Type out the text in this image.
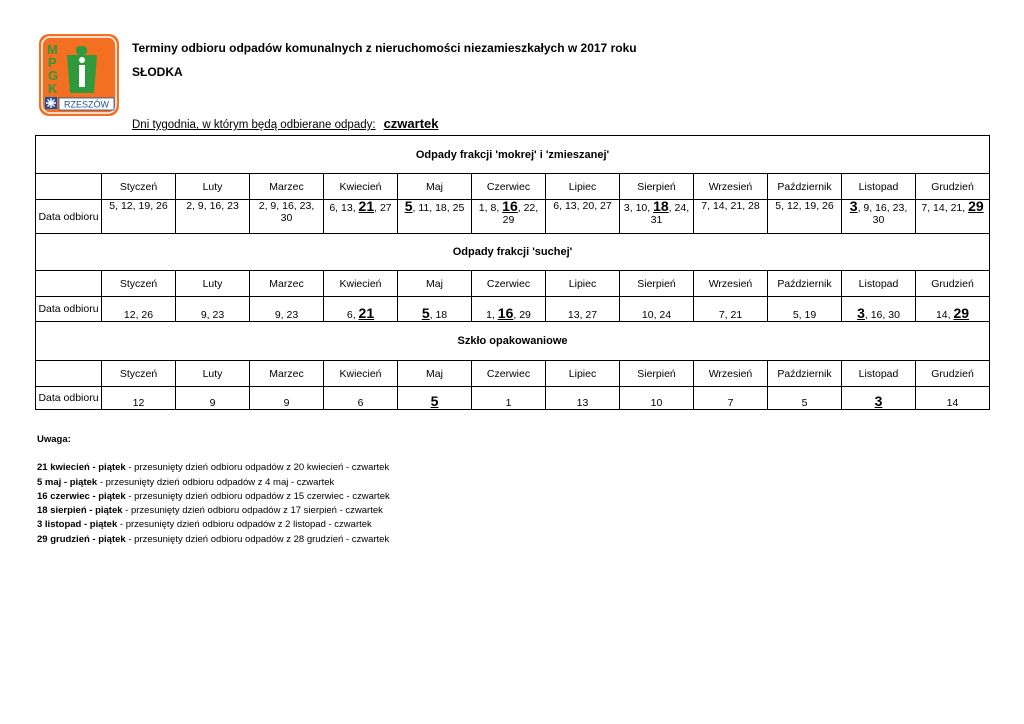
M
P
G
K
RZESZÓW
Terminy odbioru odpadów komunalnych z nieruchomości niezamieszkałych w 2017 roku
SŁODKA
Dni tygodnia, w którym będą odbierane odpady: czwartek
Odpady frakcji 'mokrej' i 'zmieszanej'												
	Styczeń	Luty	Marzec	Kwiecień	Maj	Czerwiec	Lipiec	Sierpień	Wrzesień	Październik	Listopad	Grudzień
Data odbioru	5, 12, 19, 26	2, 9, 16, 23	2, 9, 16, 23, 30	6, 13, 21, 27	5, 11, 18, 25	1, 8, 16, 22, 29	6, 13, 20, 27	3, 10, 18, 24, 31	7, 14, 21, 28	5, 12, 19, 26	3, 9, 16, 23, 30	7, 14, 21, 29
Odpady frakcji 'suchej'												
	Styczeń	Luty	Marzec	Kwiecień	Maj	Czerwiec	Lipiec	Sierpień	Wrzesień	Październik	Listopad	Grudzień
Data odbioru	12, 26	9, 23	9, 23	6, 21	5, 18	1, 16, 29	13, 27	10, 24	7, 21	5, 19	3, 16, 30	14, 29
Szkło opakowaniowe												
	Styczeń	Luty	Marzec	Kwiecień	Maj	Czerwiec	Lipiec	Sierpień	Wrzesień	Październik	Listopad	Grudzień
Data odbioru	12	9	9	6	5	1	13	10	7	5	3	14
Uwaga:
21 kwiecień - piątek - przesunięty dzień odbioru odpadów z 20 kwiecień - czwartek
5 maj - piątek - przesunięty dzień odbioru odpadów z 4 maj - czwartek
16 czerwiec - piątek - przesunięty dzień odbioru odpadów z 15 czerwiec - czwartek
18 sierpień - piątek - przesunięty dzień odbioru odpadów z 17 sierpień - czwartek
3 listopad - piątek - przesunięty dzień odbioru odpadów z 2 listopad - czwartek
29 grudzień - piątek - przesunięty dzień odbioru odpadów z 28 grudzień - czwartek
